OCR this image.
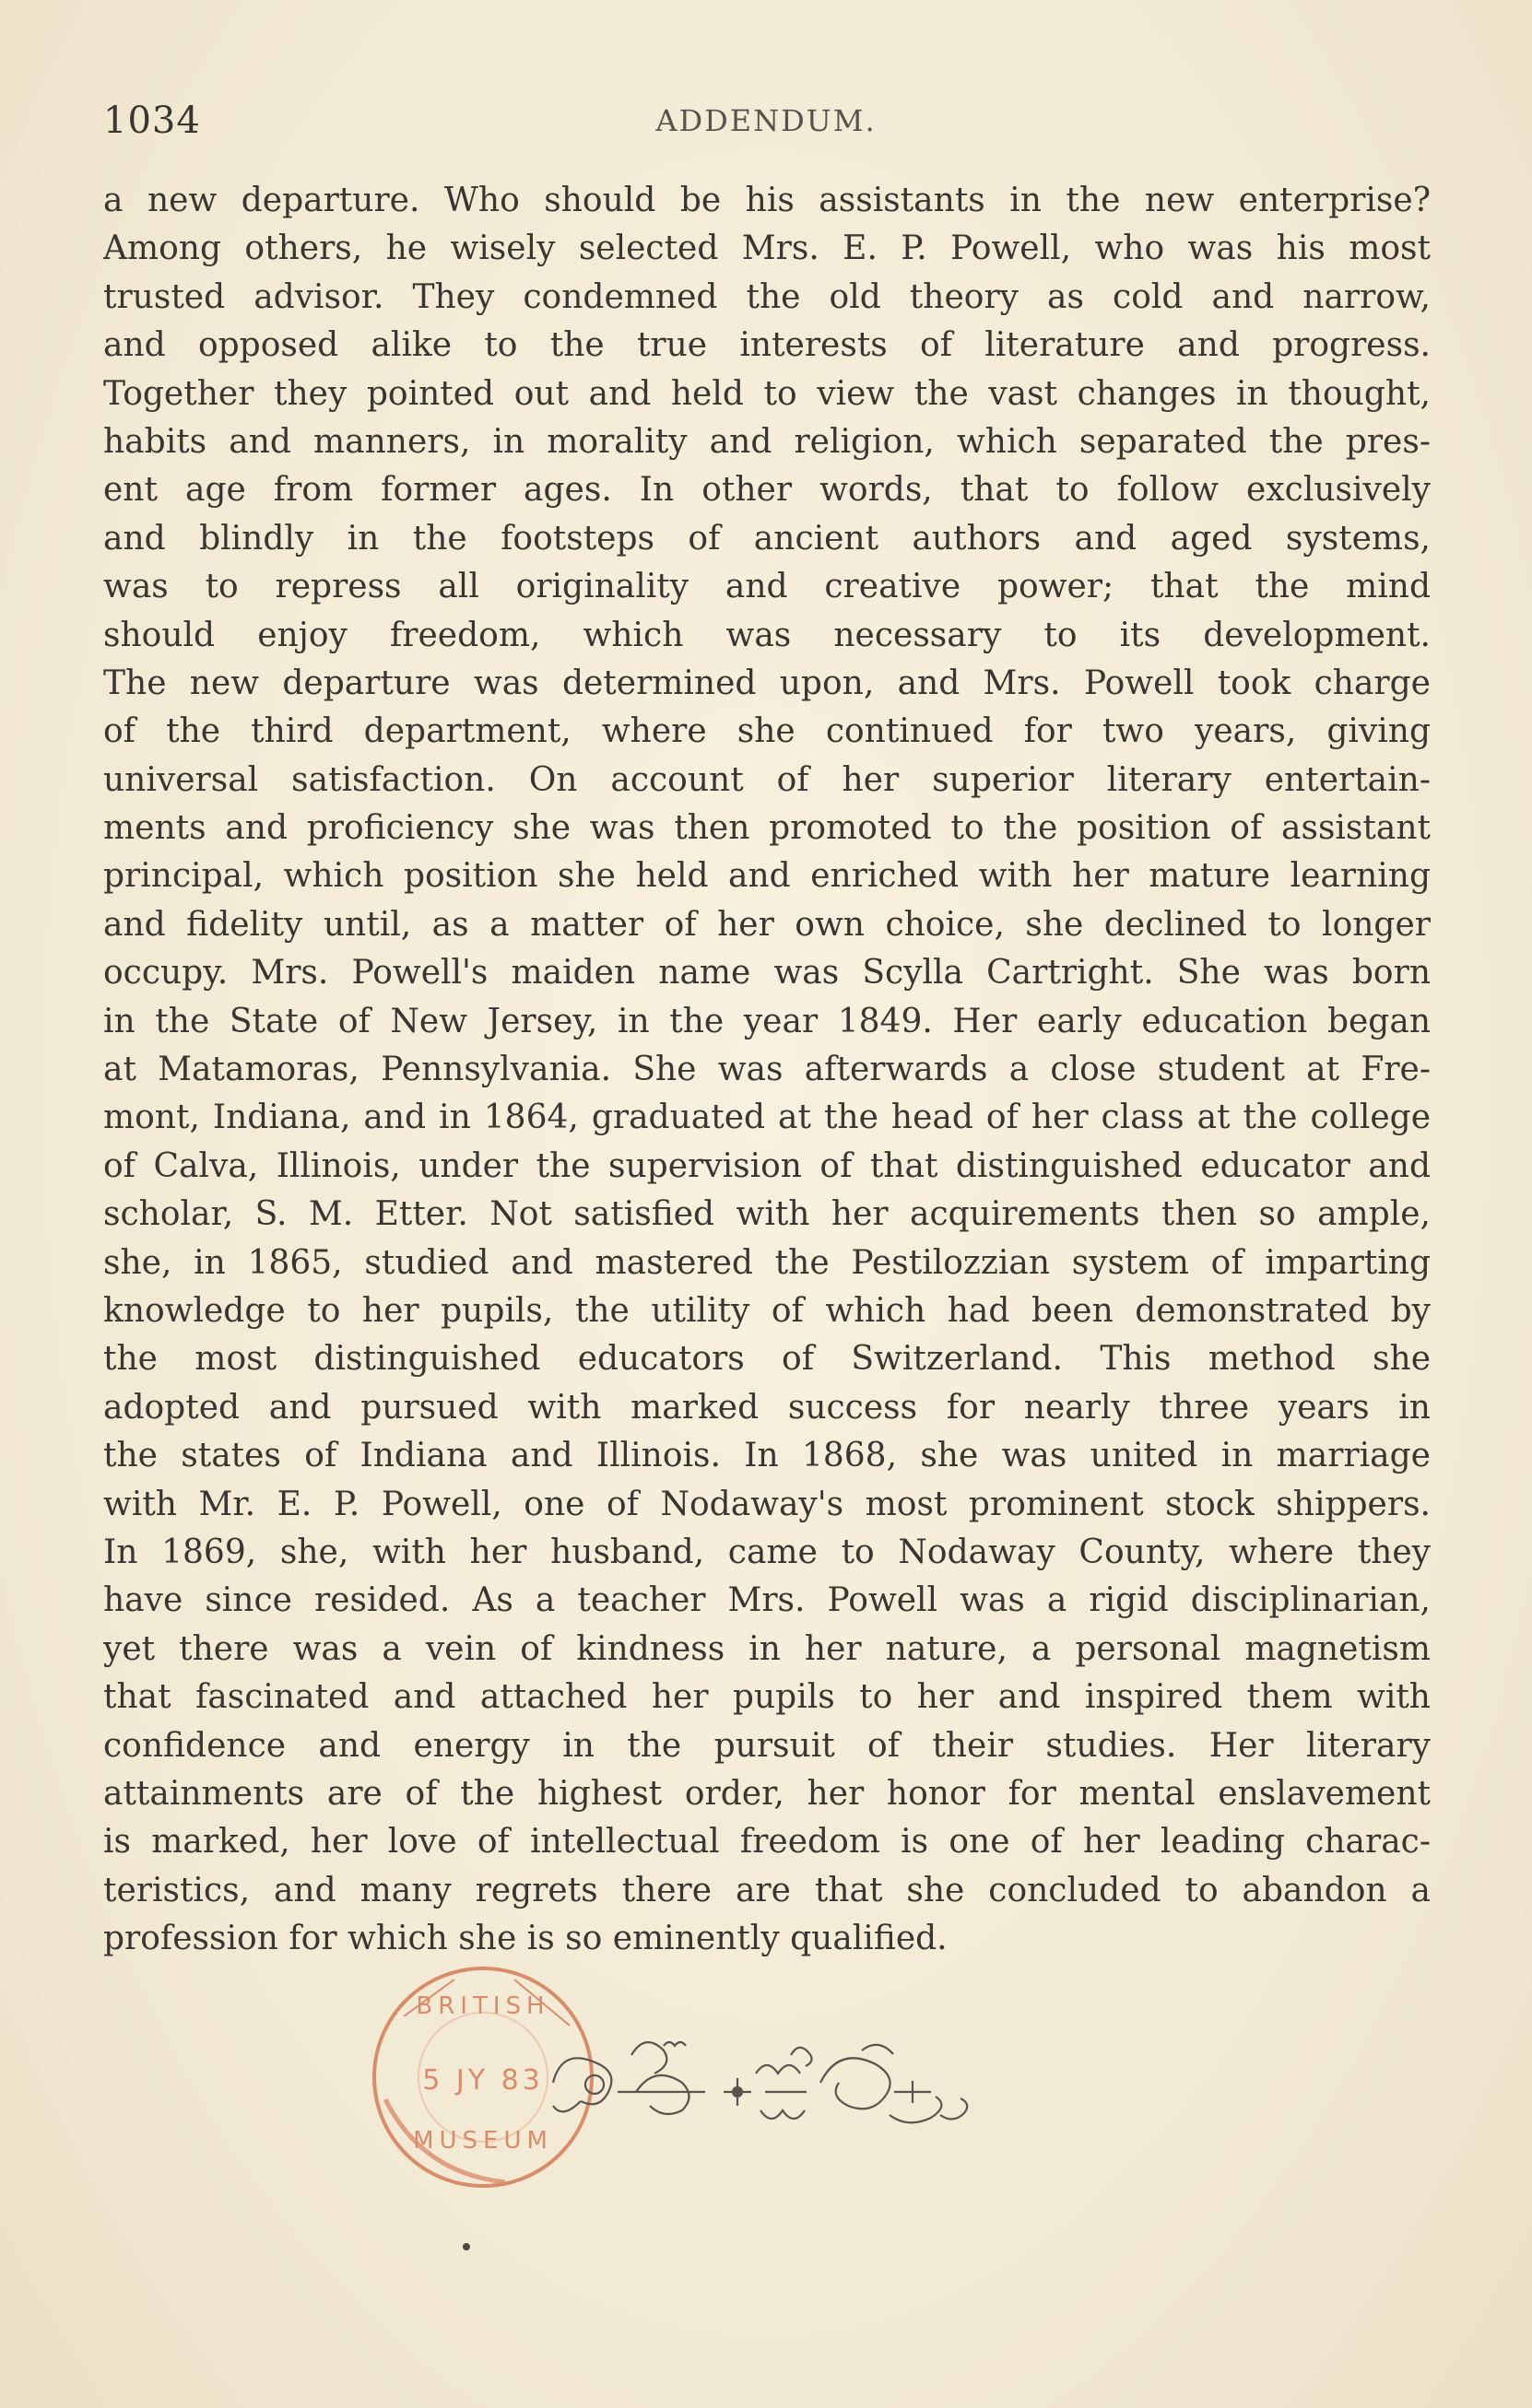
1034	ADDENDUM.
a new departure. Who should be his assistants in the new enterprise?
Among others, he wisely selected Mrs. E. P. Powell, who was his most
trusted advisor. They condemned the old theory as cold and narrow,
and opposed alike to the true interests of literature and progress.
Together they pointed out and held to view the vast changes in thought,
habits and manners, in morality and religion, which separated the pres-
ent age from former ages. In other words, that to follow exclusively
and blindly in the footsteps of ancient authors and aged systems,
was to repress all originality and creative power; that the mind
should enjoy freedom, which was necessary to its development.
The new departure was determined upon, and Mrs. Powell took charge
of the third department, where she continued for two years, giving
universal satisfaction. On account of her superior literary entertain-
ments and proficiency she was then promoted to the position of assistant
principal, which position she held and enriched with her mature learning
and fidelity until, as a matter of her own choice, she declined to longer
occupy. Mrs. Powell's maiden name was Scylla Cartright. She was born
in the State of New Jersey, in the year 1849. Her early education began
at Matamoras, Pennsylvania. She was afterwards a close student at Fre-
mont, Indiana, and in 1864, graduated at the head of her class at the college
of Calva, Illinois, under the supervision of that distinguished educator and
scholar, S. M. Etter. Not satisfied with her acquirements then so ample,
she, in 1865, studied and mastered the Pestilozzian system of imparting
knowledge to her pupils, the utility of which had been demonstrated by
the most distinguished educators of Switzerland. This method she
adopted and pursued with marked success for nearly three years in
the states of Indiana and Illinois. In 1868, she was united in marriage
with Mr. E. P. Powell, one of Nodaway's most prominent stock shippers.
In 1869, she, with her husband, came to Nodaway County, where they
have since resided. As a teacher Mrs. Powell was a rigid disciplinarian,
yet there was a vein of kindness in her nature, a personal magnetism
that fascinated and attached her pupils to her and inspired them with
confidence and energy in the pursuit of their studies. Her literary
attainments are of the highest order, her honor for mental enslavement
is marked, her love of intellectual freedom is one of her leading charac-
teristics, and many regrets there are that she concluded to abandon a
profession for which she is so eminently qualified.
BRITISH
5 JY 83
MUSEUM
